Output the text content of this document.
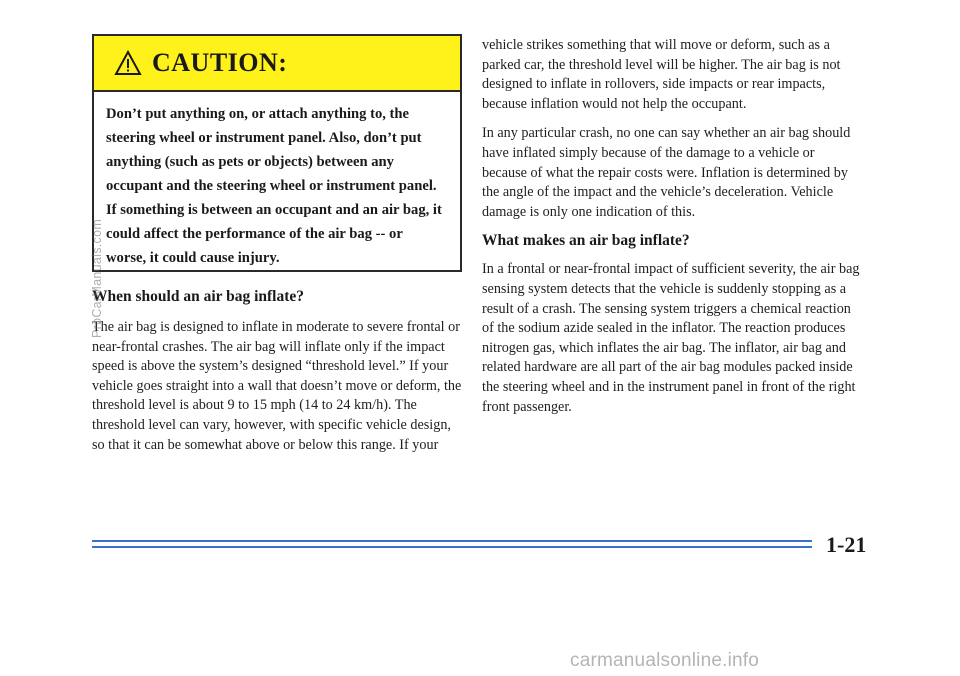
CAUTION:
Don’t put anything on, or attach anything to, the steering wheel or instrument panel. Also, don’t put anything (such as pets or objects) between any occupant and the steering wheel or instrument panel. If something is between an occupant and an air bag, it could affect the performance of the air bag -- or worse, it could cause injury.
When should an air bag inflate?

The air bag is designed to inflate in moderate to severe frontal or near-frontal crashes. The air bag will inflate only if the impact speed is above the system’s designed “threshold level.” If your vehicle goes straight into a wall that doesn’t move or deform, the threshold level is about 9 to 15 mph (14 to 24 km/h). The threshold level can vary, however, with specific vehicle design, so that it can be somewhat above or below this range. If your

vehicle strikes something that will move or deform, such as a parked car, the threshold level will be higher. The air bag is not designed to inflate in rollovers, side impacts or rear impacts, because inflation would not help the occupant.

In any particular crash, no one can say whether an air bag should have inflated simply because of the damage to a vehicle or because of what the repair costs were. Inflation is determined by the angle of the impact and the vehicle’s deceleration. Vehicle damage is only one indication of this.

What makes an air bag inflate?

In a frontal or near-frontal impact of sufficient severity, the air bag sensing system detects that the vehicle is suddenly stopping as a result of a crash. The sensing system triggers a chemical reaction of the sodium azide sealed in the inflator. The reaction produces nitrogen gas, which inflates the air bag. The inflator, air bag and related hardware are all part of the air bag modules packed inside the steering wheel and in the instrument panel in front of the right front passenger.

1-21
ProCarManuals.com
carmanualsonline.info
